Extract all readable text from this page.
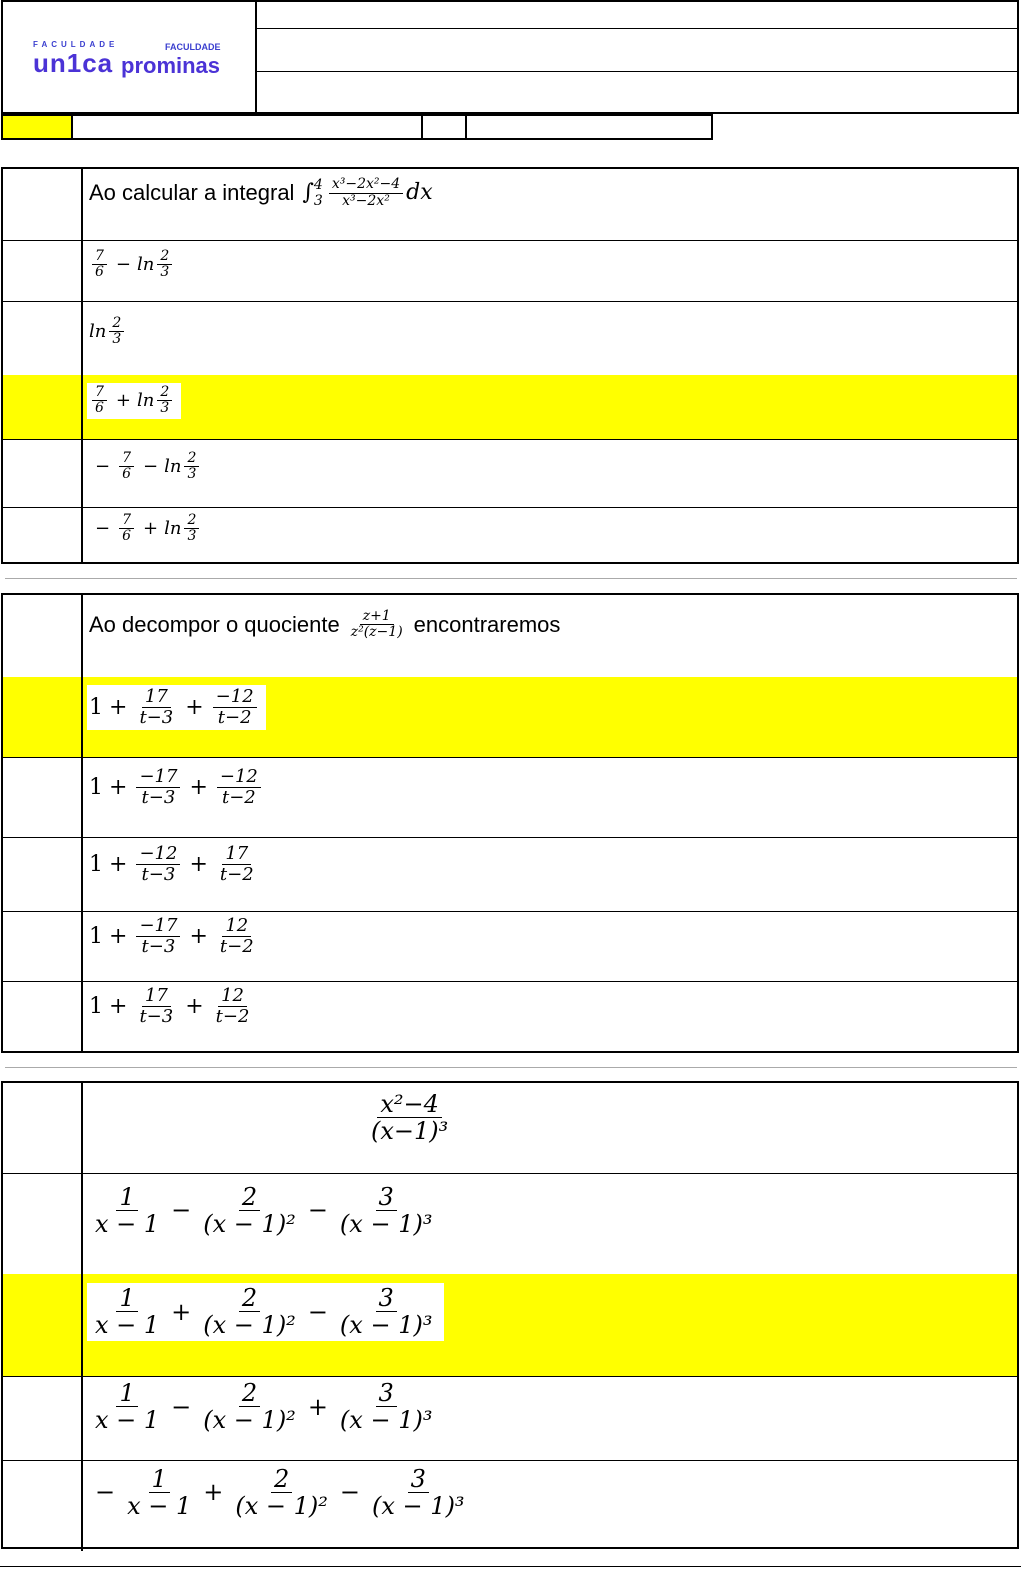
FACULDADE	FACULDADE
un1ca prominas
Ao calcular a integral ∫ 4
$3 \frac{\text{x³−2x²−4}}{\text{x³−2x²}}$ dx
$\frac{7}{6} - \ln \frac{2}{3}$
$\ln \frac{2}{3}$
$\frac{7}{6} + \ln \frac{2}{3}$
− $\frac{7}{6} - \ln \frac{2}{3}$
− $\frac{7}{6} + \ln \frac{2}{3}$
Ao decompor o quociente $\frac{z+1}{\text{z²(z−1)}}$ encontraremos
$1 + \frac{17}{t-3} + \frac{-12}{t-2}$
$1 + \frac{-17}{t-3} + \frac{-12}{t-2}$
$1 + \frac{-12}{t-3} + \frac{17}{t-2}$
$1 + \frac{-17}{t-3} + \frac{12}{t-2}$
$1 + \frac{17}{t-3} + \frac{12}{t-2}$
$\frac{\text{x²−4}}{\text{(x−1)³}}$
$\frac{1}{x - 1} - \frac{2}{\text{(x − 1)²}} - \frac{3}{\text{(x − 1)³}}$
$\frac{1}{x - 1} + \frac{2}{\text{(x − 1)²}} - \frac{3}{\text{(x − 1)³}}$
$\frac{1}{x - 1} - \frac{2}{\text{(x − 1)²}} + \frac{3}{\text{(x − 1)³}}$
− $\frac{1}{x - 1} + \frac{2}{\text{(x − 1)²}} - \frac{3}{\text{(x − 1)³}}$
